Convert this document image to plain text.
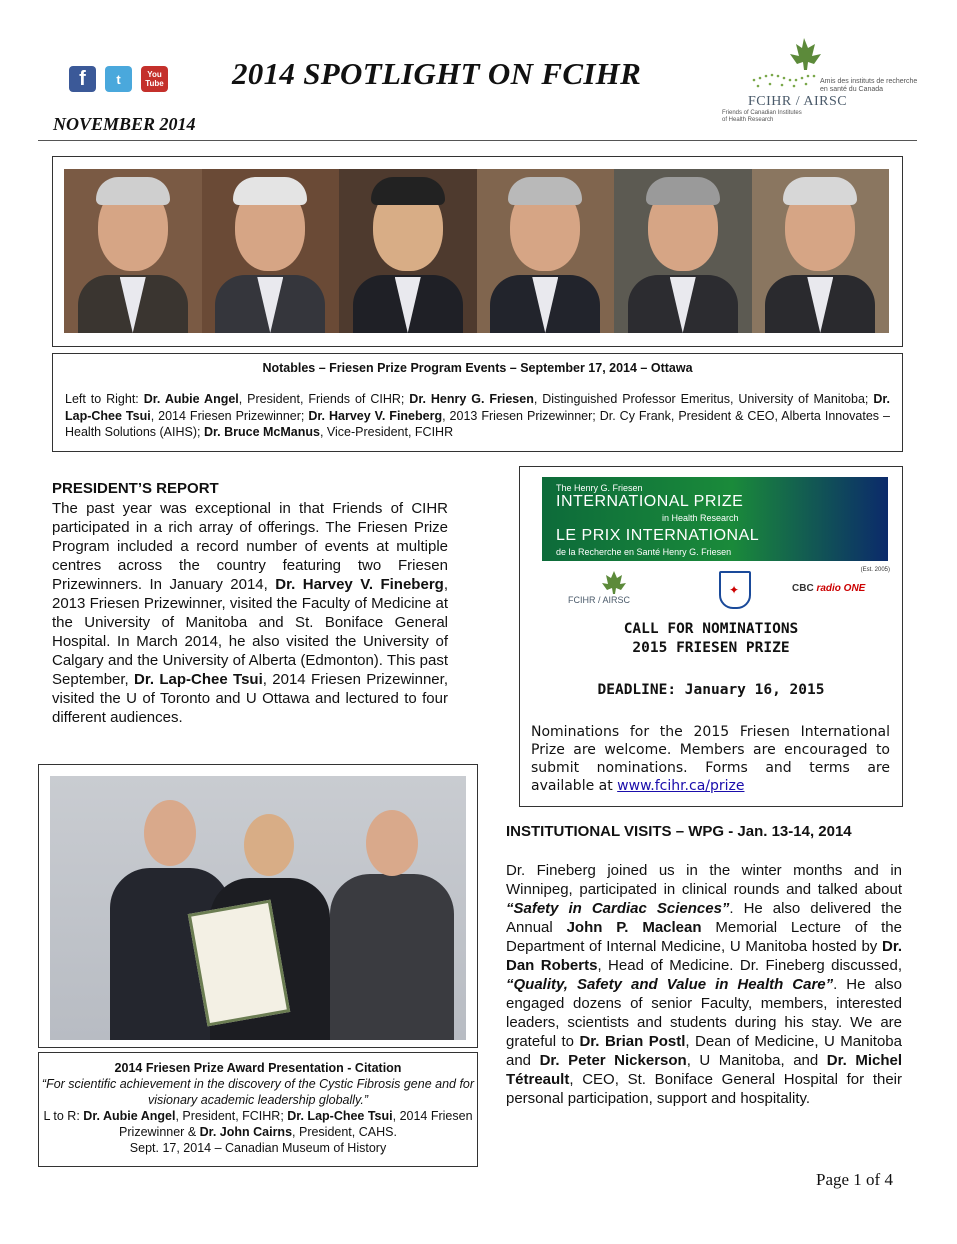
f t	You
Tube 2014 SPOTLIGHT ON FCIHR
NOVEMBER 2014
Amis des instituts de recherche
en santé du Canada
FCIHR / AIRSC
Friends of Canadian Institutes
of Health Research
Notables – Friesen Prize Program Events – September 17, 2014 – Ottawa
Left to Right: Dr. Aubie Angel, President, Friends of CIHR; Dr. Henry G. Friesen, Distinguished Professor Emeritus, University of Manitoba; Dr. Lap-Chee Tsui, 2014 Friesen Prizewinner; Dr. Harvey V. Fineberg, 2013 Friesen Prizewinner; Dr. Cy Frank, President & CEO, Alberta Innovates – Health Solutions (AIHS); Dr. Bruce McManus, Vice-President, FCIHR
PRESIDENT’S REPORT
The past year was exceptional in that Friends of CIHR participated in a rich array of offerings. The Friesen Prize Program included a record number of events at multiple centres across the country featuring two Friesen Prizewinners. In January 2014, Dr. Harvey V. Fineberg, 2013 Friesen Prizewinner, visited the Faculty of Medicine at the University of Manitoba and St. Boniface General Hospital. In March 2014, he also visited the University of Calgary and the University of Alberta (Edmonton). This past September, Dr. Lap-Chee Tsui, 2014 Friesen Prizewinner, visited the U of Toronto and U Ottawa and lectured to four different audiences.
2014 Friesen Prize Award Presentation - Citation
“For scientific achievement in the discovery of the Cystic Fibrosis gene and for visionary academic leadership globally.”
L to R: Dr. Aubie Angel, President, FCIHR; Dr. Lap-Chee Tsui, 2014 Friesen Prizewinner & Dr. John Cairns, President, CAHS.
Sept. 17, 2014 – Canadian Museum of History
The Henry G. Friesen
INTERNATIONAL PRIZE
in Health Research
LE PRIX INTERNATIONAL
de la Recherche en Santé Henry G. Friesen
(Est. 2005)
FCIHR / AIRSC
✦	CBC radio ONE
CALL FOR NOMINATIONS
2015 FRIESEN PRIZE
DEADLINE: January 16, 2015
Nominations for the 2015 Friesen International Prize are welcome. Members are encouraged to submit nominations. Forms and terms are available at www.fcihr.ca/prize
INSTITUTIONAL VISITS – WPG - Jan. 13-14, 2014
Dr. Fineberg joined us in the winter months and in Winnipeg, participated in clinical rounds and talked about “Safety in Cardiac Sciences”. He also delivered the Annual John P. Maclean Memorial Lecture of the Department of Internal Medicine, U Manitoba hosted by Dr. Dan Roberts, Head of Medicine. Dr. Fineberg discussed, “Quality, Safety and Value in Health Care”. He also engaged dozens of senior Faculty, members, interested leaders, scientists and students during his stay. We are grateful to Dr. Brian Postl, Dean of Medicine, U Manitoba and Dr. Peter Nickerson, U Manitoba, and Dr. Michel Tétreault, CEO, St. Boniface General Hospital for their personal participation, support and hospitality.
Page 1 of 4
